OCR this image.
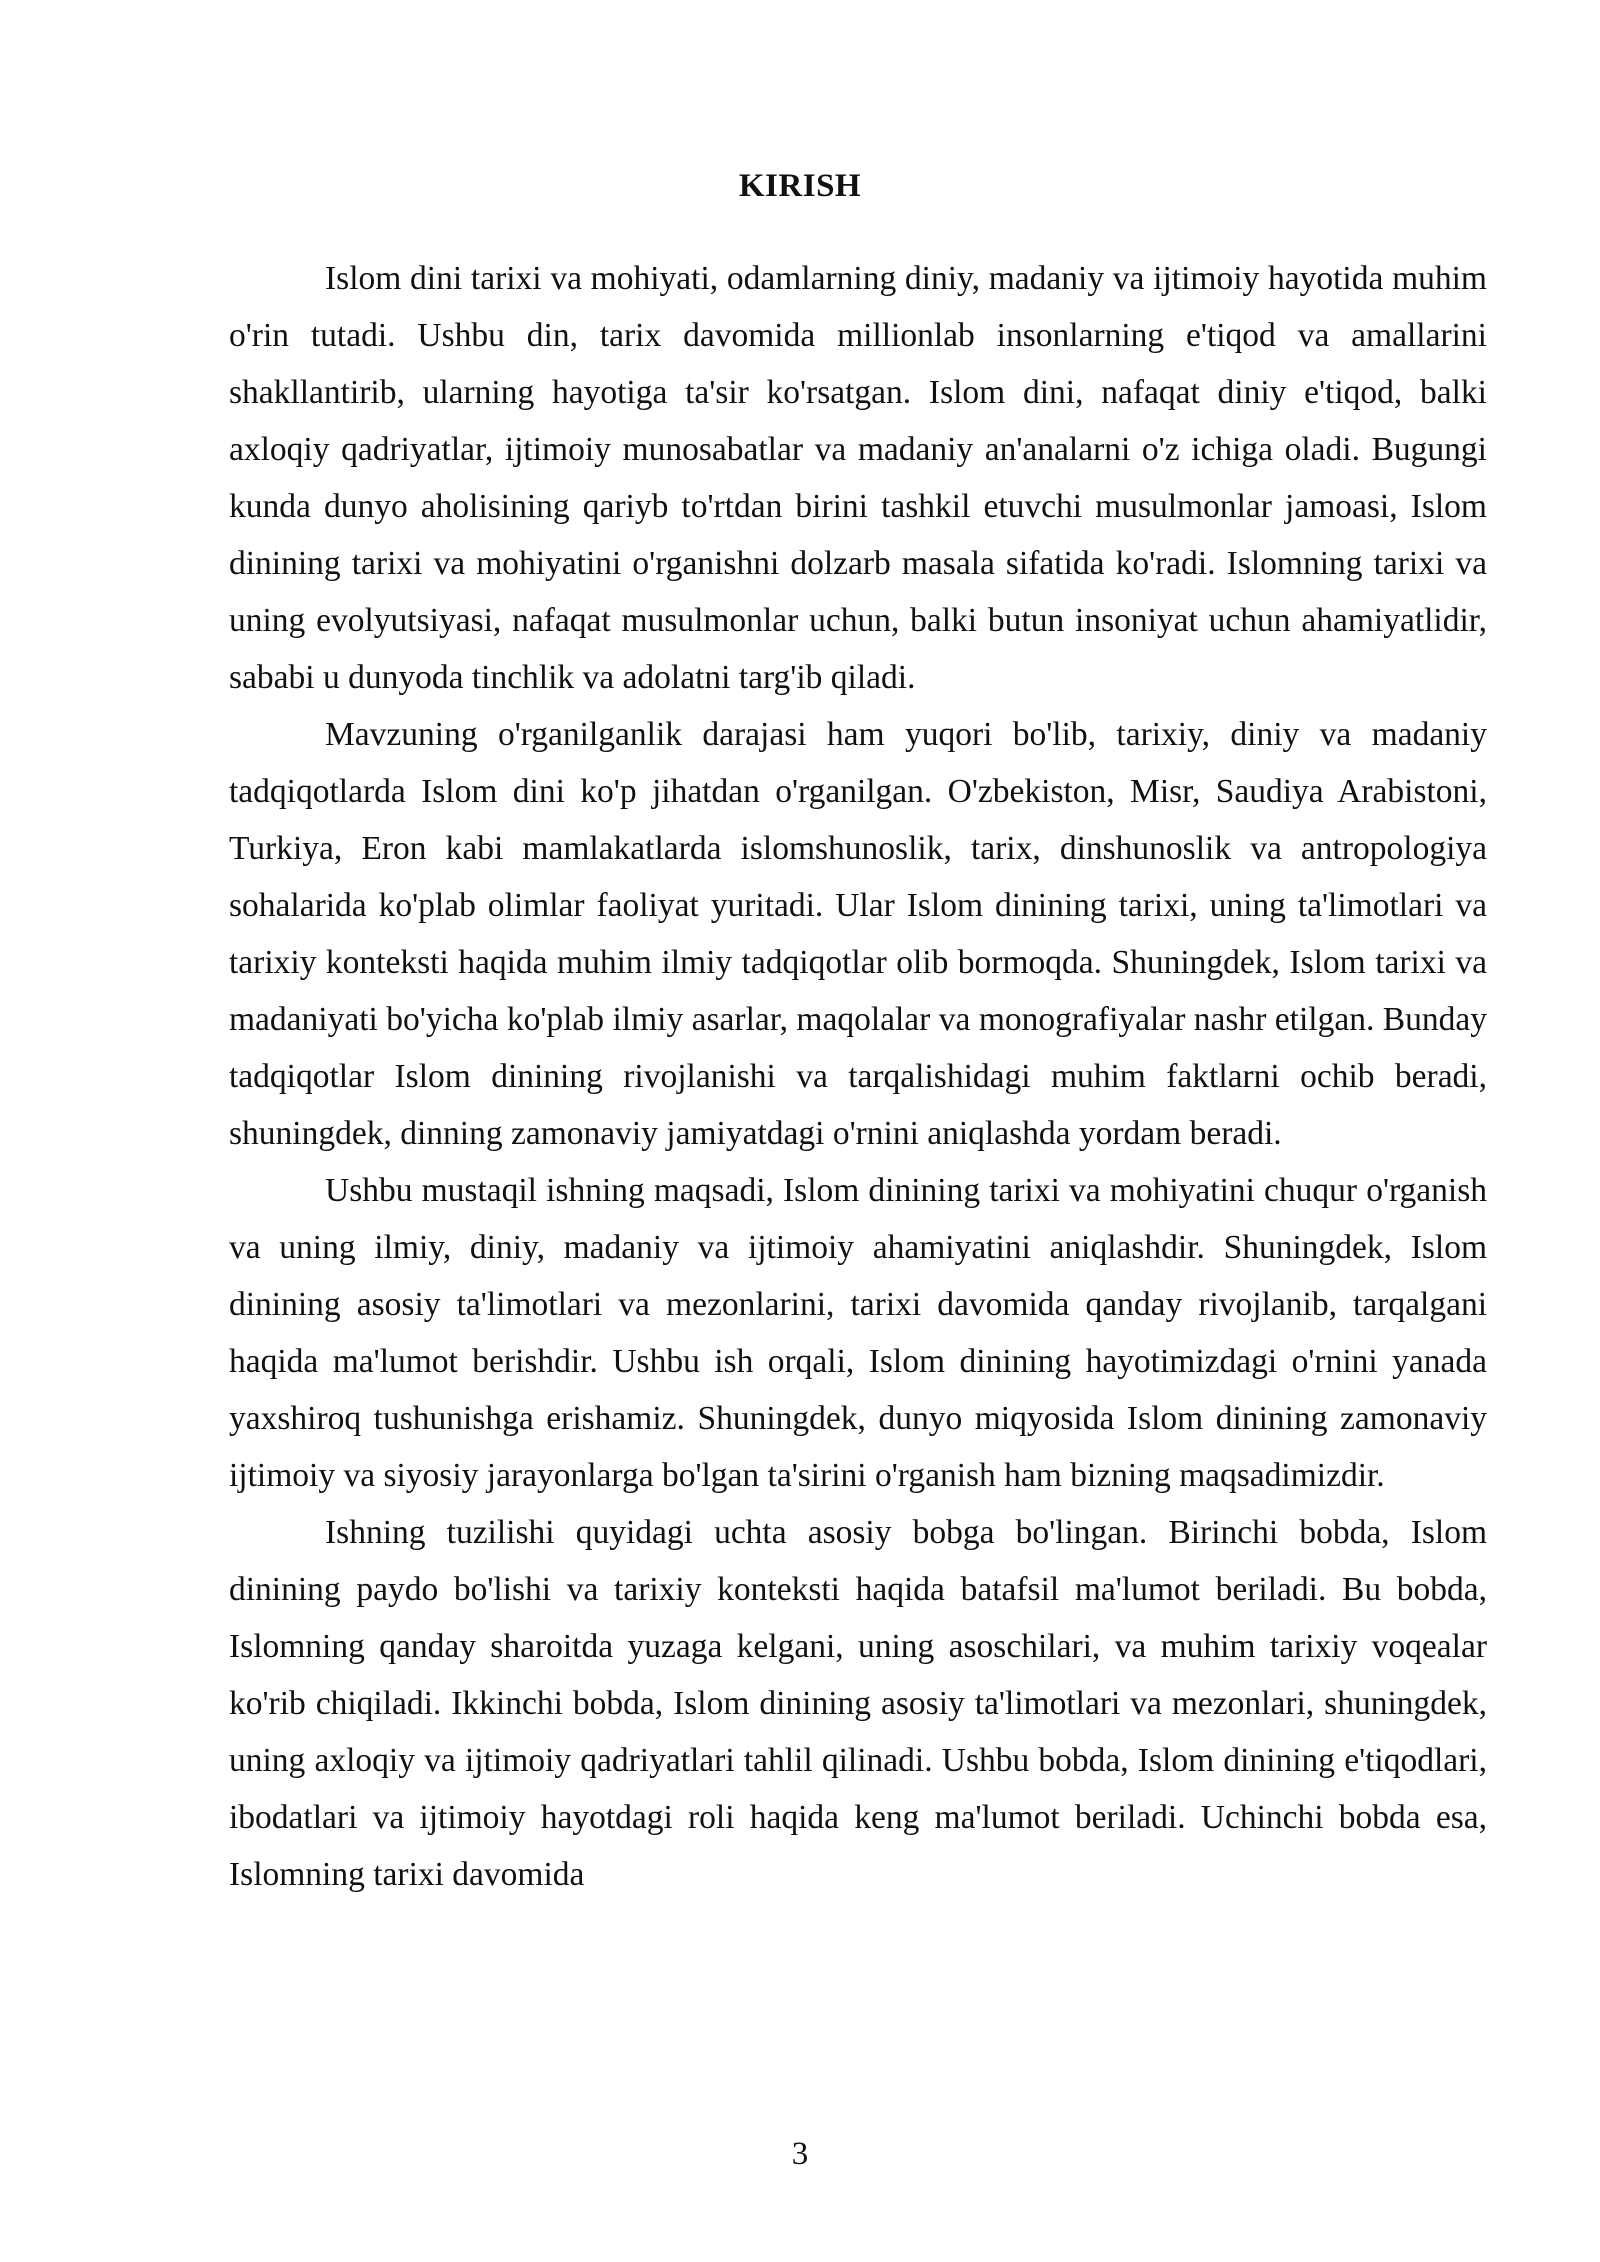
KIRISH

Islom dini tarixi va mohiyati, odamlarning diniy, madaniy va ijtimoiy hayotida muhim o'rin tutadi. Ushbu din, tarix davomida millionlab insonlarning e'tiqod va amallarini shakllantirib, ularning hayotiga ta'sir ko'rsatgan. Islom dini, nafaqat diniy e'tiqod, balki axloqiy qadriyatlar, ijtimoiy munosabatlar va madaniy an'analarni o'z ichiga oladi. Bugungi kunda dunyo aholisining qariyb to'rtdan birini tashkil etuvchi musulmonlar jamoasi, Islom dinining tarixi va mohiyatini o'rganishni dolzarb masala sifatida ko'radi. Islomning tarixi va uning evolyutsiyasi, nafaqat musulmonlar uchun, balki butun insoniyat uchun ahamiyatlidir, sababi u dunyoda tinchlik va adolatni targ'ib qiladi.

Mavzuning o'rganilganlik darajasi ham yuqori bo'lib, tarixiy, diniy va madaniy tadqiqotlarda Islom dini ko'p jihatdan o'rganilgan. O'zbekiston, Misr, Saudiya Arabistoni, Turkiya, Eron kabi mamlakatlarda islomshunoslik, tarix, dinshunoslik va antropologiya sohalarida ko'plab olimlar faoliyat yuritadi. Ular Islom dinining tarixi, uning ta'limotlari va tarixiy konteksti haqida muhim ilmiy tadqiqotlar olib bormoqda. Shuningdek, Islom tarixi va madaniyati bo'yicha ko'plab ilmiy asarlar, maqolalar va monografiyalar nashr etilgan. Bunday tadqiqotlar Islom dinining rivojlanishi va tarqalishidagi muhim faktlarni ochib beradi, shuningdek, dinning zamonaviy jamiyatdagi o'rnini aniqlashda yordam beradi.

Ushbu mustaqil ishning maqsadi, Islom dinining tarixi va mohiyatini chuqur o'rganish va uning ilmiy, diniy, madaniy va ijtimoiy ahamiyatini aniqlashdir. Shuningdek, Islom dinining asosiy ta'limotlari va mezonlarini, tarixi davomida qanday rivojlanib, tarqalgani haqida ma'lumot berishdir. Ushbu ish orqali, Islom dinining hayotimizdagi o'rnini yanada yaxshiroq tushunishga erishamiz. Shuningdek, dunyo miqyosida Islom dinining zamonaviy ijtimoiy va siyosiy jarayonlarga bo'lgan ta'sirini o'rganish ham bizning maqsadimizdir.

Ishning tuzilishi quyidagi uchta asosiy bobga bo'lingan. Birinchi bobda, Islom dinining paydo bo'lishi va tarixiy konteksti haqida batafsil ma'lumot beriladi. Bu bobda, Islomning qanday sharoitda yuzaga kelgani, uning asoschilari, va muhim tarixiy voqealar ko'rib chiqiladi. Ikkinchi bobda, Islom dinining asosiy ta'limotlari va mezonlari, shuningdek, uning axloqiy va ijtimoiy qadriyatlari tahlil qilinadi. Ushbu bobda, Islom dinining e'tiqodlari, ibodatlari va ijtimoiy hayotdagi roli haqida keng ma'lumot beriladi. Uchinchi bobda esa, Islomning tarixi davomida

3
